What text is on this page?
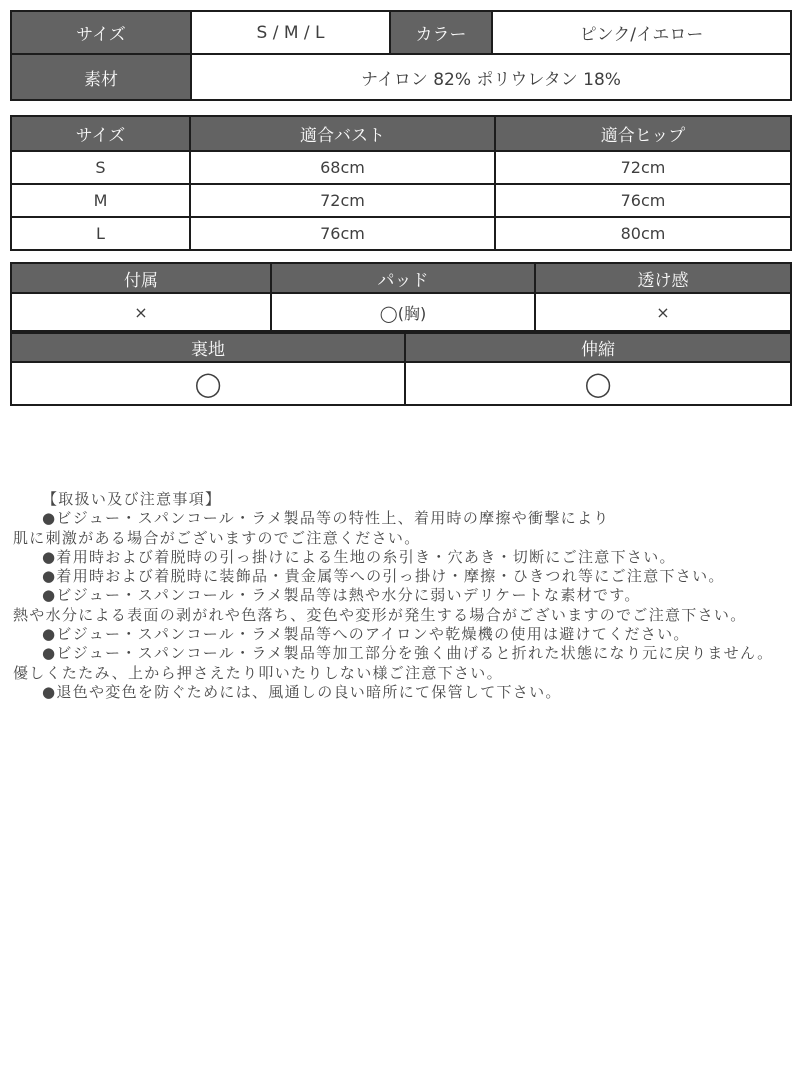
サイズ	S / M / L	カラー	ピンク/イエロー
素材	ナイロン 82% ポリウレタン 18%		
サイズ	適合バスト	適合ヒップ
S	68cm	72cm
M	72cm	76cm
L	76cm	80cm
付属	パッド	透け感
×	◯(胸)	×
裏地	伸縮
◯	◯
【取扱い及び注意事項】
●ビジュー・スパンコール・ラメ製品等の特性上、着用時の摩擦や衝撃により
肌に刺激がある場合がございますのでご注意ください。
●着用時および着脱時の引っ掛けによる生地の糸引き・穴あき・切断にご注意下さい。
●着用時および着脱時に装飾品・貴金属等への引っ掛け・摩擦・ひきつれ等にご注意下さい。
●ビジュー・スパンコール・ラメ製品等は熱や水分に弱いデリケートな素材です。
熱や水分による表面の剥がれや色落ち、変色や変形が発生する場合がございますのでご注意下さい。
●ビジュー・スパンコール・ラメ製品等へのアイロンや乾燥機の使用は避けてください。
●ビジュー・スパンコール・ラメ製品等加工部分を強く曲げると折れた状態になり元に戻りません。
優しくたたみ、上から押さえたり叩いたりしない様ご注意下さい。
●退色や変色を防ぐためには、風通しの良い暗所にて保管して下さい。
